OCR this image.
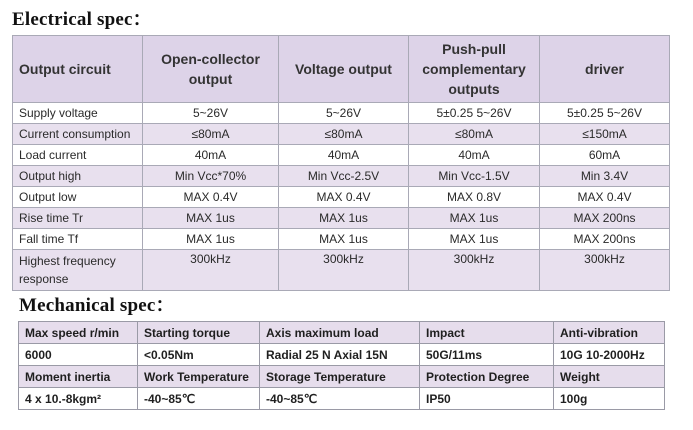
Electrical spec：
Output circuit	Open-collector output	Voltage output	Push-pull complementary outputs	driver
Supply voltage	5~26V	5~26V	5±0.25 5~26V	5±0.25 5~26V
Current consumption	≤80mA	≤80mA	≤80mA	≤150mA
Load current	40mA	40mA	40mA	60mA
Output high	Min Vcc*70%	Min Vcc-2.5V	Min Vcc-1.5V	Min 3.4V
Output low	MAX 0.4V	MAX 0.4V	MAX 0.8V	MAX 0.4V
Rise time Tr	MAX 1us	MAX 1us	MAX 1us	MAX 200ns
Fall time Tf	MAX 1us	MAX 1us	MAX 1us	MAX 200ns
Highest frequency response	300kHz	300kHz	300kHz	300kHz
Mechanical spec：
Max speed r/min	Starting torque	Axis maximum load	Impact	Anti-vibration
6000	<0.05Nm	Radial 25 N Axial 15N	50G/11ms	10G 10-2000Hz
Moment inertia	Work Temperature	Storage Temperature	Protection Degree	Weight
4 x 10.-8kgm²	-40~85℃	-40~85℃	IP50	100g
